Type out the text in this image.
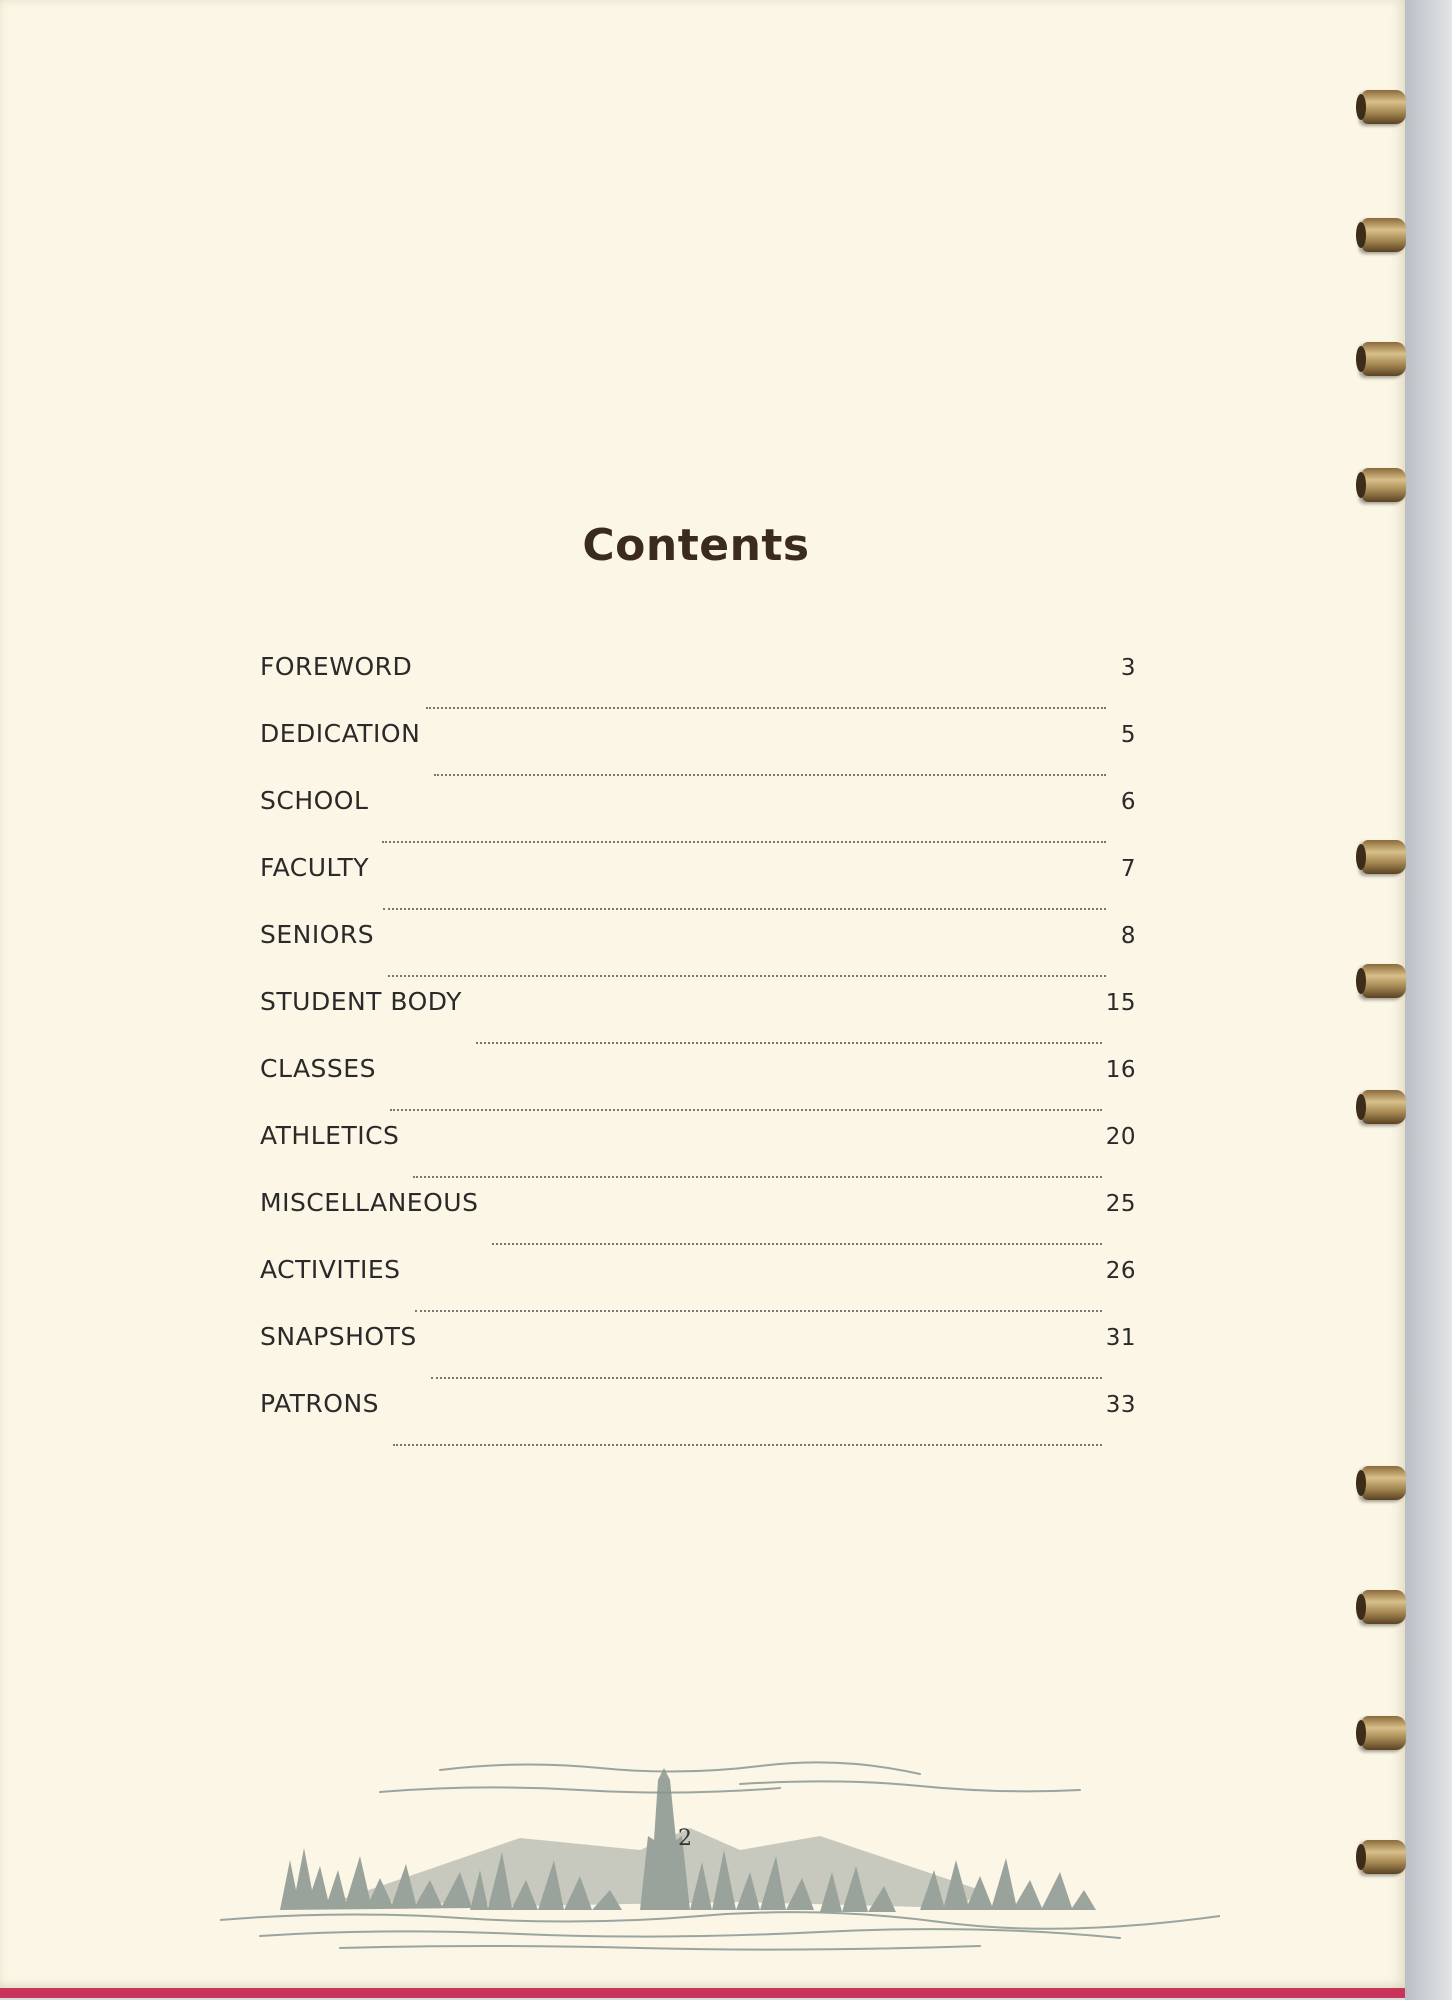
Contents
FOREWORD	3
DEDICATION	5
SCHOOL	6
FACULTY	7
SENIORS	8
STUDENT BODY	15
CLASSES	16
ATHLETICS	20
MISCELLANEOUS	25
ACTIVITIES	26
SNAPSHOTS	31
PATRONS	33
2
